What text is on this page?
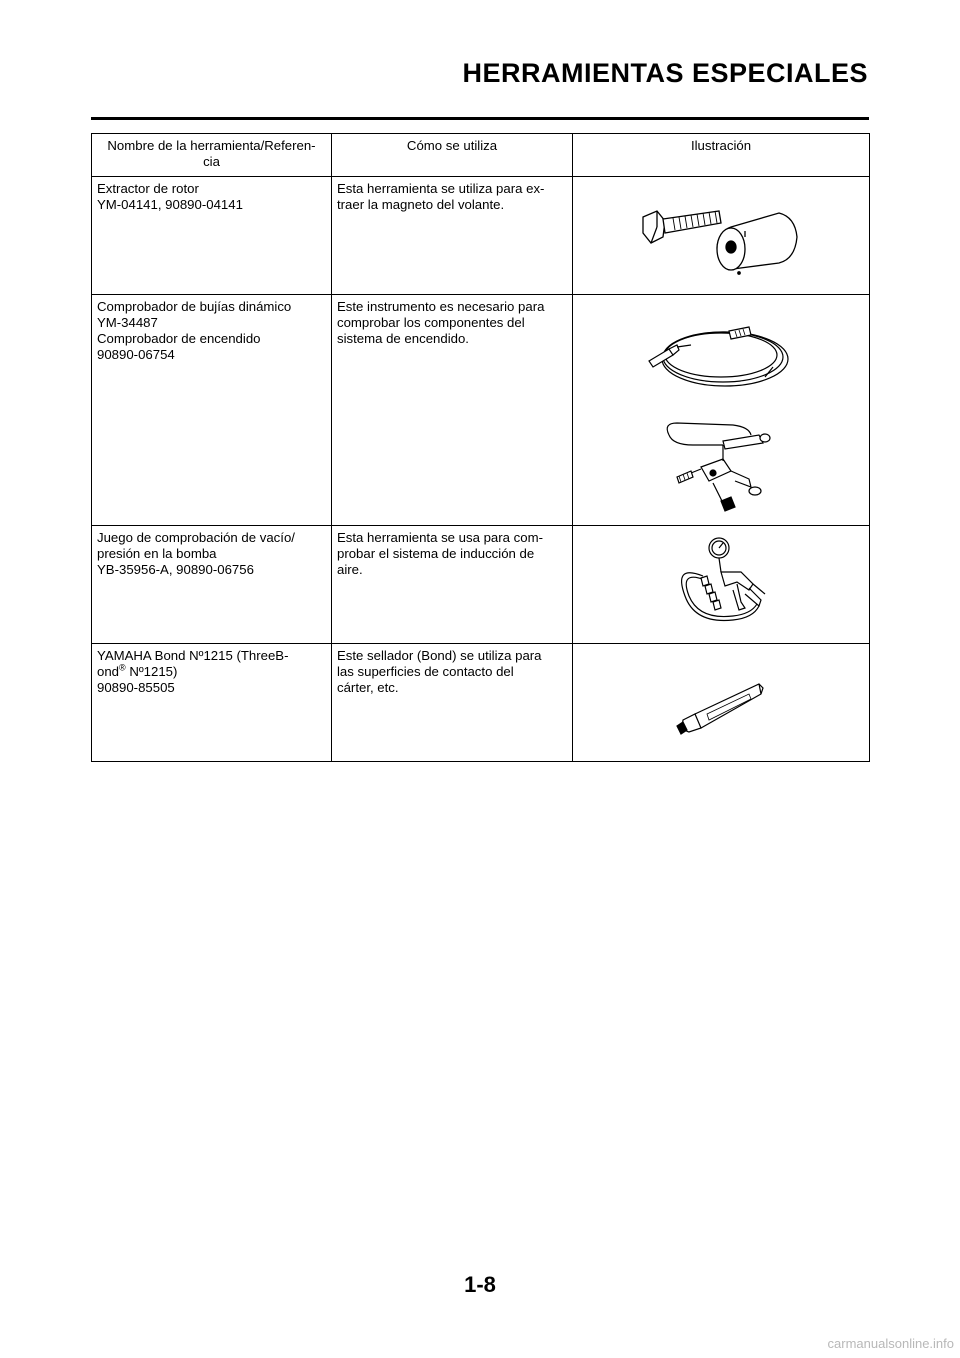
HERRAMIENTAS ESPECIALES
Nombre de la herramienta/Referen-
cia	Cómo se utiliza	Ilustración

Extractor de rotor
YM-04141, 90890-04141	Esta herramienta se utiliza para ex-
traer la magneto del volante.

Comprobador de bujías dinámico
YM-34487
Comprobador de encendido
90890-06754	Este instrumento es necesario para
comprobar los componentes del
sistema de encendido.

Juego de comprobación de vacío/
presión en la bomba
YB-35956-A, 90890-06756	Esta herramienta se usa para com-
probar el sistema de inducción de
aire.

YAMAHA Bond Nº1215 (ThreeB-
ond® Nº1215)
90890-85505	Este sellador (Bond) se utiliza para
las superficies de contacto del
cárter, etc.

1-8
carmanualsonline.info
